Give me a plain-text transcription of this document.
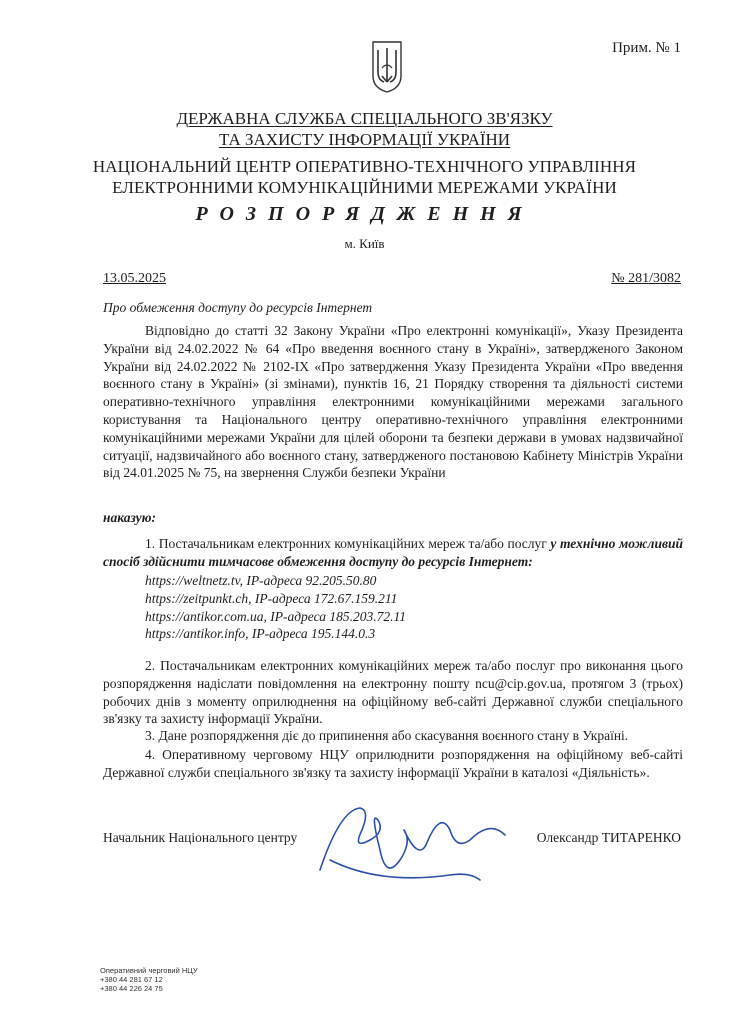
Прим. № 1
ДЕРЖАВНА СЛУЖБА СПЕЦІАЛЬНОГО ЗВ'ЯЗКУ
ТА ЗАХИСТУ ІНФОРМАЦІЇ УКРАЇНИ
НАЦІОНАЛЬНИЙ ЦЕНТР ОПЕРАТИВНО-ТЕХНІЧНОГО УПРАВЛІННЯ
ЕЛЕКТРОННИМИ КОМУНІКАЦІЙНИМИ МЕРЕЖАМИ УКРАЇНИ
РОЗПОРЯДЖЕННЯ
м. Київ
13.05.2025	№ 281/3082
Про обмеження доступу до ресурсів Інтернет
Відповідно до статті 32 Закону України «Про електронні комунікації», Указу Президента України від 24.02.2022 № 64 «Про введення воєнного стану в Україні», затвердженого Законом України від 24.02.2022 № 2102-IX «Про затвердження Указу Президента України «Про введення воєнного стану в Україні» (зі змінами), пунктів 16, 21 Порядку створення та діяльності системи оперативно-технічного управління електронними комунікаційними мережами загального користування та Національного центру оперативно-технічного управління електронними комунікаційними мережами України для цілей оборони та безпеки держави в умовах надзвичайної ситуації, надзвичайного або воєнного стану, затвердженого постановою Кабінету Міністрів України від 24.01.2025 № 75, на звернення Служби безпеки України
наказую:
1. Постачальникам електронних комунікаційних мереж та/або послуг у технічно можливий спосіб здійснити тимчасове обмеження доступу до ресурсів Інтернет:
https://weltnetz.tv, IP-адреса 92.205.50.80
https://zeitpunkt.ch, IP-адреса 172.67.159.211
https://antikor.com.ua, IP-адреса 185.203.72.11
https://antikor.info, IP-адреса 195.144.0.3
2. Постачальникам електронних комунікаційних мереж та/або послуг про виконання цього розпорядження надіслати повідомлення на електронну пошту ncu@cip.gov.ua, протягом 3 (трьох) робочих днів з моменту оприлюднення на офіційному веб-сайті Державної служби спеціального зв'язку та захисту інформації України.
3. Дане розпорядження діє до припинення або скасування воєнного стану в Україні.
4. Оперативному черговому НЦУ оприлюднити розпорядження на офіційному веб-сайті Державної служби спеціального зв'язку та захисту інформації України в каталозі «Діяльність».
Начальник Національного центру	Олександр ТИТАРЕНКО
Оперативний черговий НЦУ
+380 44 281 67 12
+380 44 226 24 75
